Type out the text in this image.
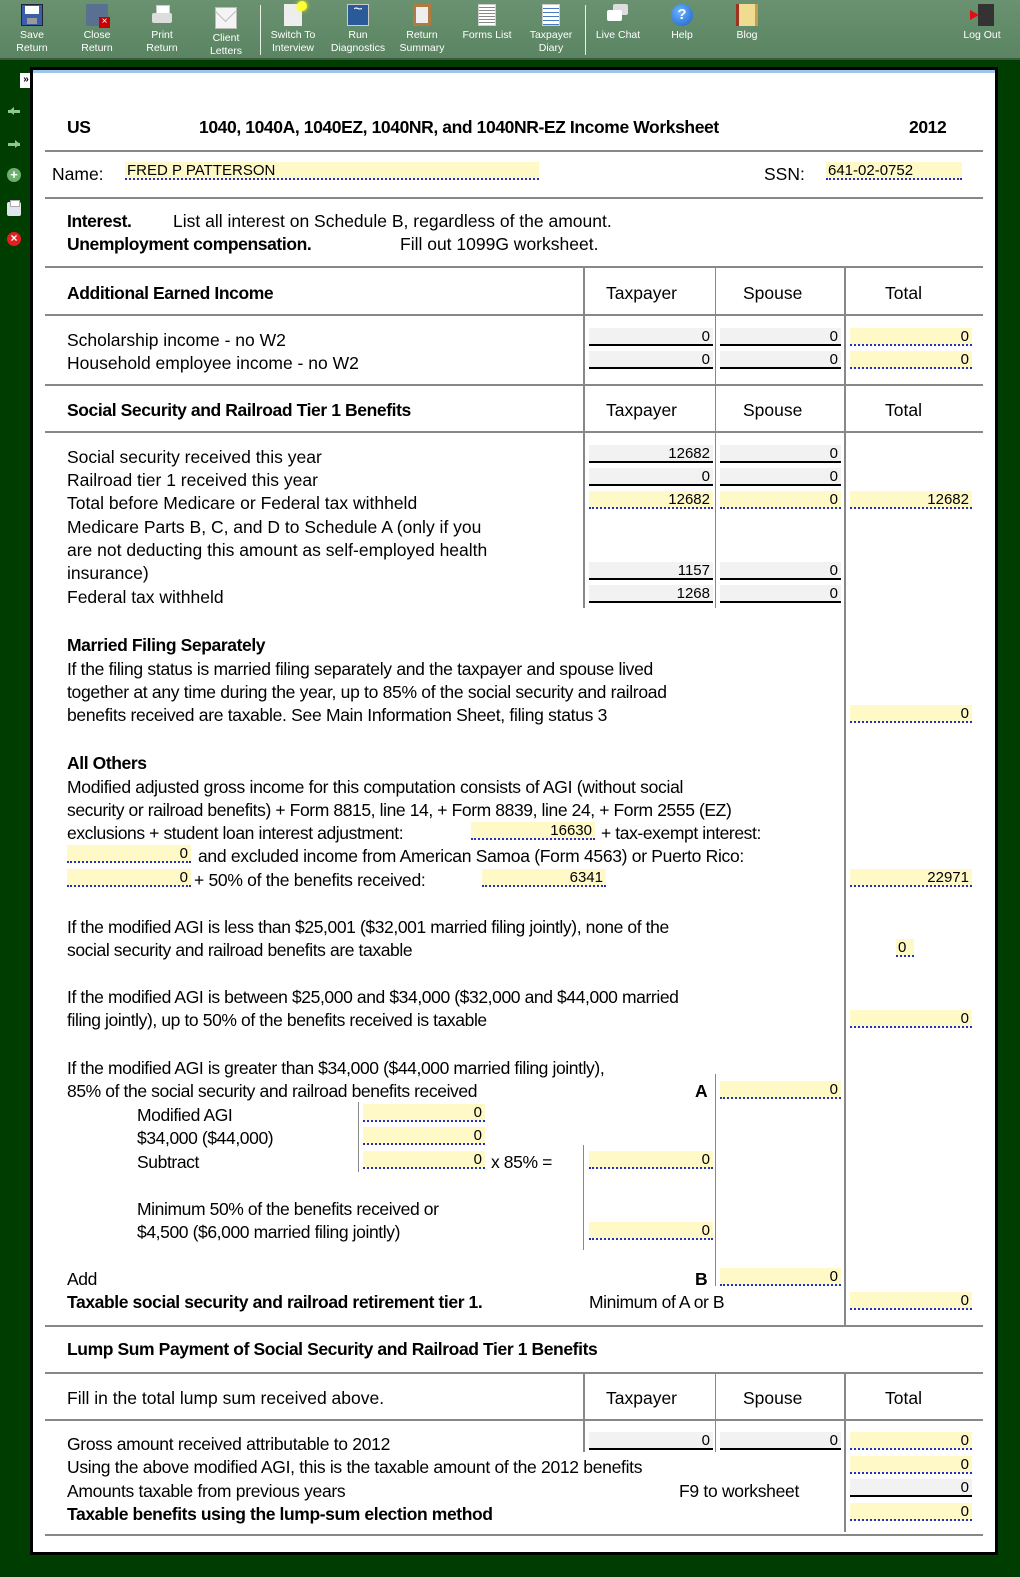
Save
Return
×
Close
Return
Print
Return
Client
Letters
Switch To
Interview
~
Run
Diagnostics
Return
Summary
Forms List	Taxpayer
Diary
Live Chat
?
Help	Blog	Log Out
»
+
×
US	1040, 1040A, 1040EZ, 1040NR, and 1040NR-EZ Income Worksheet	2012
Name: FRED P PATTERSON	SSN: 641-02-0752
Interest. List all interest on Schedule B, regardless of the amount.
Unemployment compensation.	Fill out 1099G worksheet.
Additional Earned Income	Taxpayer	Spouse	Total
Scholarship income - no W2	0	0	0
Household employee income - no W2	0	0	0
Social Security and Railroad Tier 1 Benefits	Taxpayer	Spouse	Total
Social security received this year	12682	0
Railroad tier 1 received this year	0	0
Total before Medicare or Federal tax withheld	12682	0	12682
Medicare Parts B, C, and D to Schedule A (only if you
are not deducting this amount as self-employed health
insurance)	1157	0
Federal tax withheld	1268	0
Married Filing Separately
If the filing status is married filing separately and the taxpayer and spouse lived
together at any time during the year, up to 85% of the social security and railroad
benefits received are taxable. See Main Information Sheet, filing status 3	0
All Others
Modified adjusted gross income for this computation consists of AGI (without social
security or railroad benefits) + Form 8815, line 14, + Form 8839, line 24, + Form 2555 (EZ)
exclusions + student loan interest adjustment:	16630 + tax-exempt interest:
0 and excluded income from American Samoa (Form 4563) or Puerto Rico:
0 + 50% of the benefits received:	6341	22971
If the modified AGI is less than $25,001 ($32,001 married filing jointly), none of the
social security and railroad benefits are taxable	0
If the modified AGI is between $25,000 and $34,000 ($32,000 and $44,000 married
filing jointly), up to 50% of the benefits received is taxable	0
If the modified AGI is greater than $34,000 ($44,000 married filing jointly),
85% of the social security and railroad benefits received	A	0
Modified AGI	0
$34,000 ($44,000)	0
Subtract	0 x 85% =	0
Minimum 50% of the benefits received or
$4,500 ($6,000 married filing jointly)	0
Add	B	0
Taxable social security and railroad retirement tier 1.	Minimum of A or B	0
Lump Sum Payment of Social Security and Railroad Tier 1 Benefits
Fill in the total lump sum received above.	Taxpayer	Spouse	Total
Gross amount received attributable to 2012	0	0	0
Using the above modified AGI, this is the taxable amount of the 2012 benefits	0
Amounts taxable from previous years	F9 to worksheet	0
Taxable benefits using the lump-sum election method	0
